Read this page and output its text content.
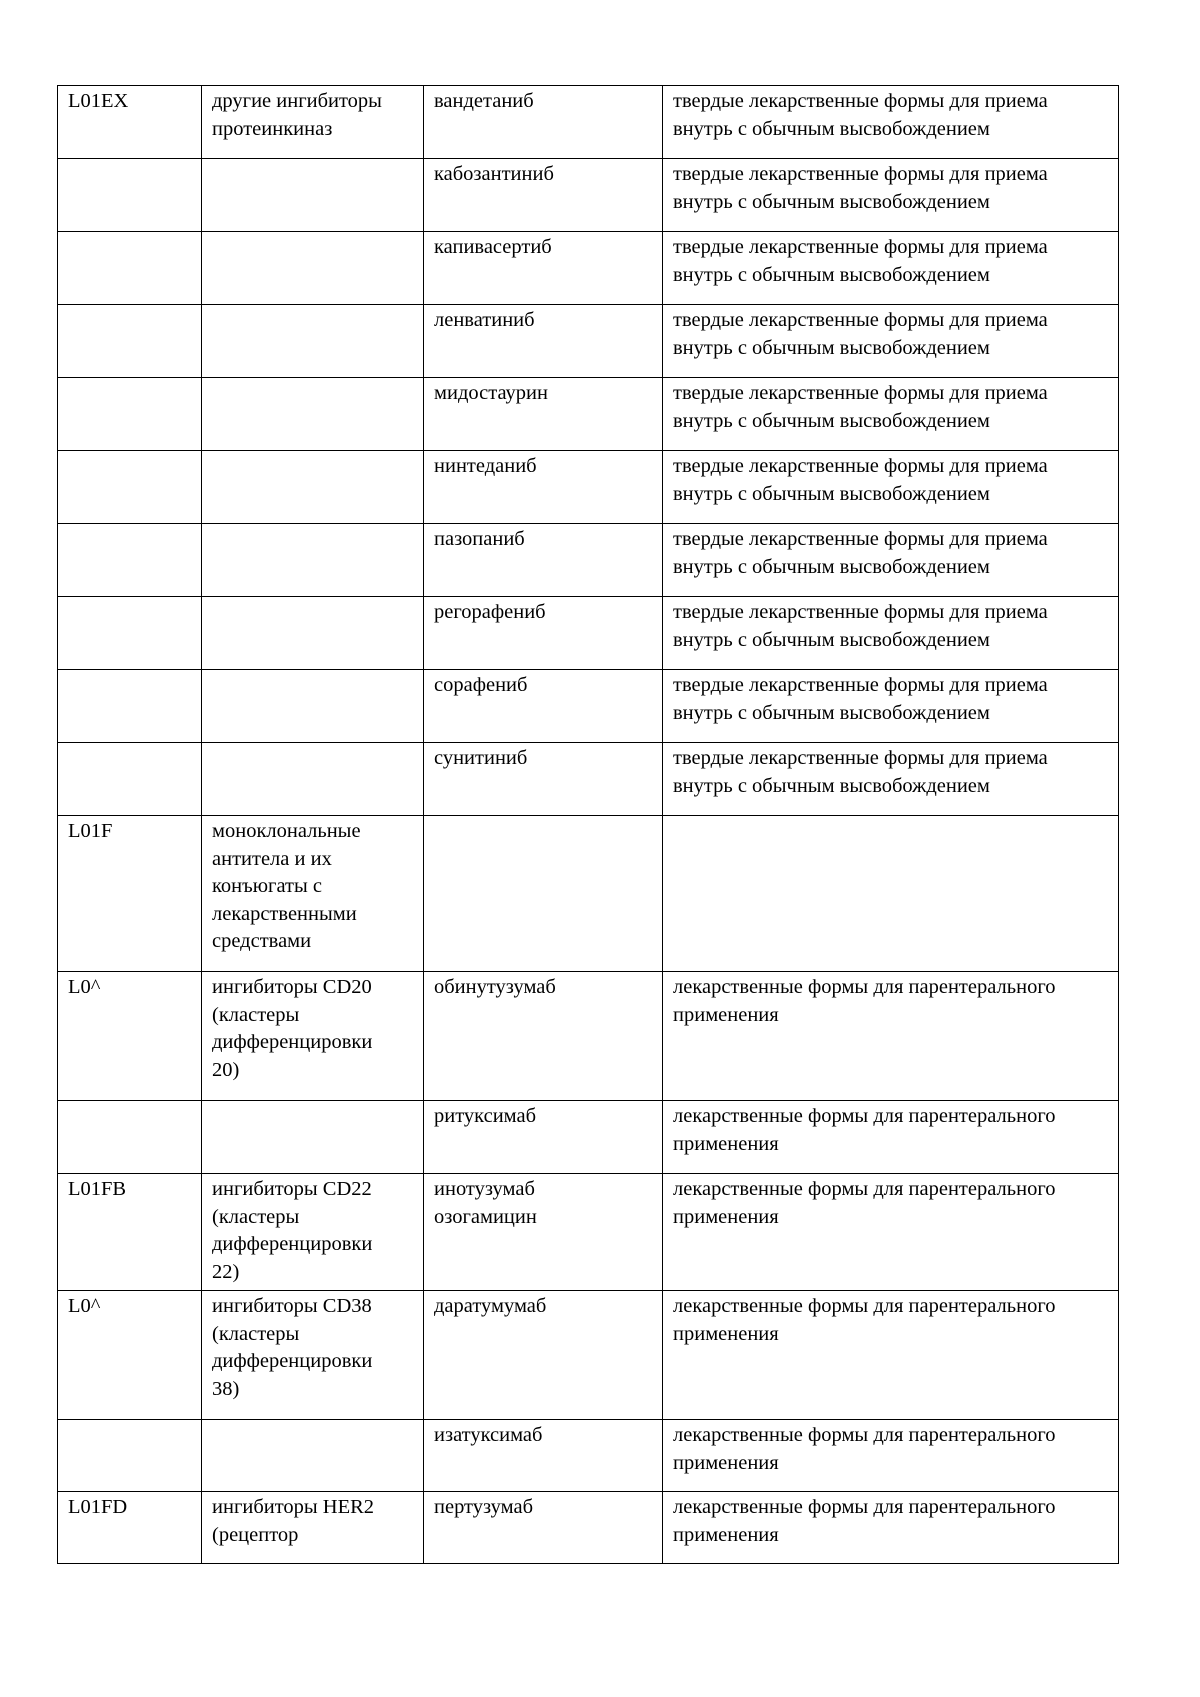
L01EX	другие ингибиторы
протеинкиназ	вандетаниб	твердые лекарственные формы для приема
внутрь с обычным высвобождением

		кабозантиниб	твердые лекарственные формы для приема
внутрь с обычным высвобождением

		капивасертиб	твердые лекарственные формы для приема
внутрь с обычным высвобождением

		ленватиниб	твердые лекарственные формы для приема
внутрь с обычным высвобождением

		мидостаурин	твердые лекарственные формы для приема
внутрь с обычным высвобождением

		нинтеданиб	твердые лекарственные формы для приема
внутрь с обычным высвобождением

		пазопаниб	твердые лекарственные формы для приема
внутрь с обычным высвобождением

		регорафениб	твердые лекарственные формы для приема
внутрь с обычным высвобождением

		сорафениб	твердые лекарственные формы для приема
внутрь с обычным высвобождением

		сунитиниб	твердые лекарственные формы для приема
внутрь с обычным высвобождением

L01F	моноклональные
антитела и их
конъюгаты с
лекарственными
средствами		

L0^	ингибиторы CD20
(кластеры
дифференцировки
20)	обинутузумаб	лекарственные формы для парентерального
применения

		ритуксимаб	лекарственные формы для парентерального
применения

L01FB	ингибиторы CD22
(кластеры
дифференцировки
22)	инотузумаб
озогамицин	лекарственные формы для парентерального
применения

L0^	ингибиторы CD38
(кластеры
дифференцировки
38)	даратумумаб	лекарственные формы для парентерального
применения

		изатуксимаб	лекарственные формы для парентерального
применения

L01FD	ингибиторы HER2
(рецептор	пертузумаб	лекарственные формы для парентерального
применения
